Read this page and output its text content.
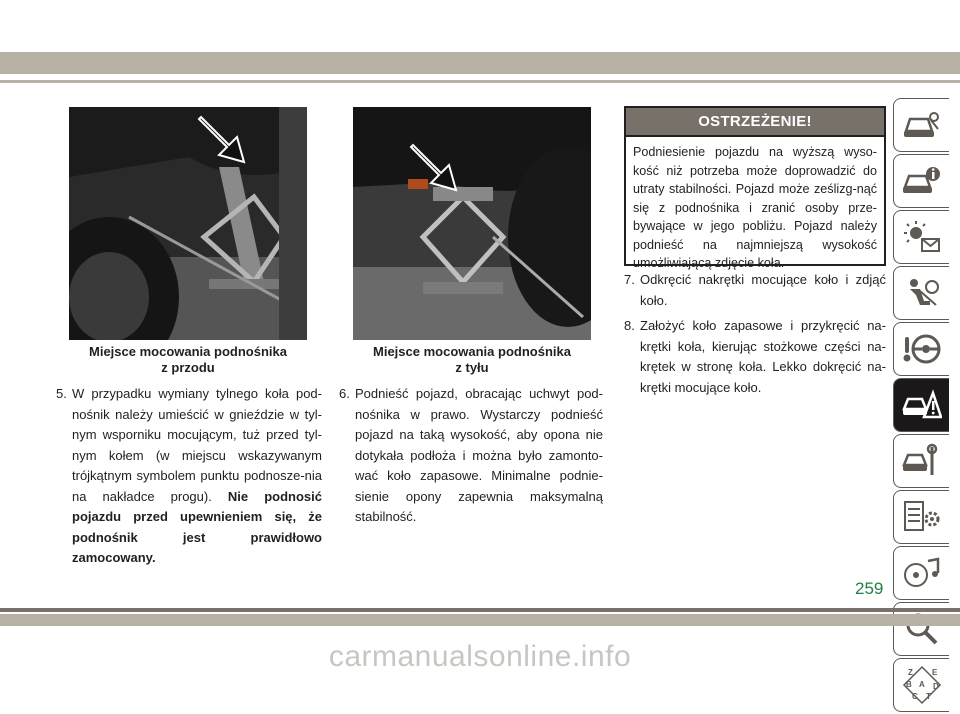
Miejsce mocowania podnośnika
z przodu
Miejsce mocowania podnośnika
z tyłu
5. W przypadku wymiany tylnego koła pod-nośnik należy umieścić w gnieździe w tyl-nym wsporniku mocującym, tuż przed tyl-nym kołem (w miejscu wskazywanym trójkątnym symbolem punktu podnosze-nia na nakładce progu). Nie podnosić pojazdu przed upewnieniem się, że podnośnik jest prawidłowo zamocowany.
6. Podnieść pojazd, obracając uchwyt pod-nośnika w prawo. Wystarczy podnieść pojazd na taką wysokość, aby opona nie dotykała podłoża i można było zamonto-wać koło zapasowe. Minimalne podnie-sienie opony zapewnia maksymalną stabilność.
OSTRZEŻENIE!
Podniesienie pojazdu na wyższą wyso-kość niż potrzeba może doprowadzić do utraty stabilności. Pojazd może ześlizg-nąć się z podnośnika i zranić osoby prze-bywające w jego pobliżu. Pojazd należy podnieść na najmniejszą wysokość umożliwiającą zdjęcie koła.
7. Odkręcić nakrętki mocujące koło i zdjąć koło.
8. Założyć koło zapasowe i przykręcić na-krętki koła, kierując stożkowe części na-krętek w stronę koła. Lekko dokręcić na-krętki mocujące koło.
Z E
B A D
C T
259
carmanualsonline.info
